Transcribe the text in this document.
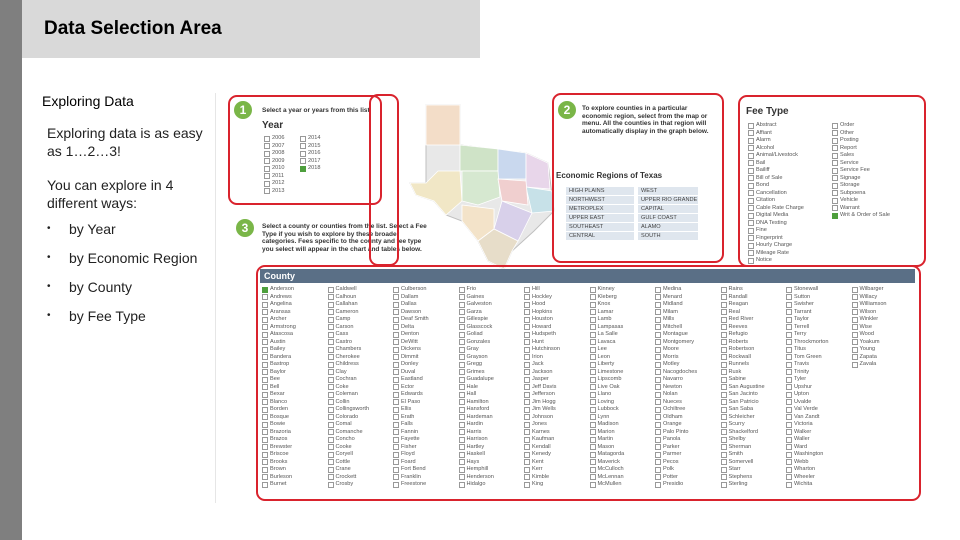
Data Selection Area
Exploring Data
Exploring data is as easy as 1…2…3!
You can explore in 4 different ways:
•	by Year
•	by Economic Region
•	by County
•	by Fee Type
1	Select a year or years from this list.
Year
2006	2014
2007	2015
2008	2016
2009	2017
2010	2018
2011
2012
2013
2	To explore counties in a particular economic region, select from the map or menu. All the counties in that region will automatically display in the graph below.
Economic Regions of Texas
HIGH PLAINS	WEST
NORTHWEST	UPPER RIO GRANDE
METROPLEX	CAPITAL
UPPER EAST	GULF COAST
SOUTHEAST	ALAMO
CENTRAL	SOUTH
Fee Type
Abstract	Order
Affiant	Other
Alarm	Posting
Alcohol	Report
Animal/Livestock	Sales
Bail	Service
Bailiff	Service Fee
Bill of Sale	Signage
Bond	Storage
Cancellation	Subpoena
Citation	Vehicle
Cable Rate Charge	Warrant
Digital Media	Writ & Order of Sale
DNA Testing
Fine
Fingerprint
Hourly Charge
Mileage Rate
Notice
3	Select a county or counties from the list. Select a Fee Type if you wish to explore by these broader categories. Fees specific to the county and fee type you select will appear in the chart and tables below.
County
Anderson
Andrews
Angelina
Aransas
Archer
Armstrong
Atascosa
Austin
Bailey
Bandera
Bastrop
Baylor
Bee
Bell
Bexar
Blanco
Borden
Bosque
Bowie
Brazoria
Brazos
Brewster
Briscoe
Brooks
Brown
Burleson
Burnet
Caldwell
Calhoun
Callahan
Cameron
Camp
Carson
Cass
Castro
Chambers
Cherokee
Childress
Clay
Cochran
Coke
Coleman
Collin
Collingsworth
Colorado
Comal
Comanche
Concho
Cooke
Coryell
Cottle
Crane
Crockett
Crosby
Culberson
Dallam
Dallas
Dawson
Deaf Smith
Delta
Denton
DeWitt
Dickens
Dimmit
Donley
Duval
Eastland
Ector
Edwards
El Paso
Ellis
Erath
Falls
Fannin
Fayette
Fisher
Floyd
Foard
Fort Bend
Franklin
Freestone
Frio
Gaines
Galveston
Garza
Gillespie
Glasscock
Goliad
Gonzales
Gray
Grayson
Gregg
Grimes
Guadalupe
Hale
Hall
Hamilton
Hansford
Hardeman
Hardin
Harris
Harrison
Hartley
Haskell
Hays
Hemphill
Henderson
Hidalgo
Hill
Hockley
Hood
Hopkins
Houston
Howard
Hudspeth
Hunt
Hutchinson
Irion
Jack
Jackson
Jasper
Jeff Davis
Jefferson
Jim Hogg
Jim Wells
Johnson
Jones
Karnes
Kaufman
Kendall
Kenedy
Kent
Kerr
Kimble
King
Kinney
Kleberg
Knox
Lamar
Lamb
Lampasas
La Salle
Lavaca
Lee
Leon
Liberty
Limestone
Lipscomb
Live Oak
Llano
Loving
Lubbock
Lynn
Madison
Marion
Martin
Mason
Matagorda
Maverick
McCulloch
McLennan
McMullen
Medina
Menard
Midland
Milam
Mills
Mitchell
Montague
Montgomery
Moore
Morris
Motley
Nacogdoches
Navarro
Newton
Nolan
Nueces
Ochiltree
Oldham
Orange
Palo Pinto
Panola
Parker
Parmer
Pecos
Polk
Potter
Presidio
Rains
Randall
Reagan
Real
Red River
Reeves
Refugio
Roberts
Robertson
Rockwall
Runnels
Rusk
Sabine
San Augustine
San Jacinto
San Patricio
San Saba
Schleicher
Scurry
Shackelford
Shelby
Sherman
Smith
Somervell
Starr
Stephens
Sterling
Stonewall
Sutton
Swisher
Tarrant
Taylor
Terrell
Terry
Throckmorton
Titus
Tom Green
Travis
Trinity
Tyler
Upshur
Upton
Uvalde
Val Verde
Van Zandt
Victoria
Walker
Waller
Ward
Washington
Webb
Wharton
Wheeler
Wichita
Wilbarger
Willacy
Williamson
Wilson
Winkler
Wise
Wood
Yoakum
Young
Zapata
Zavala
